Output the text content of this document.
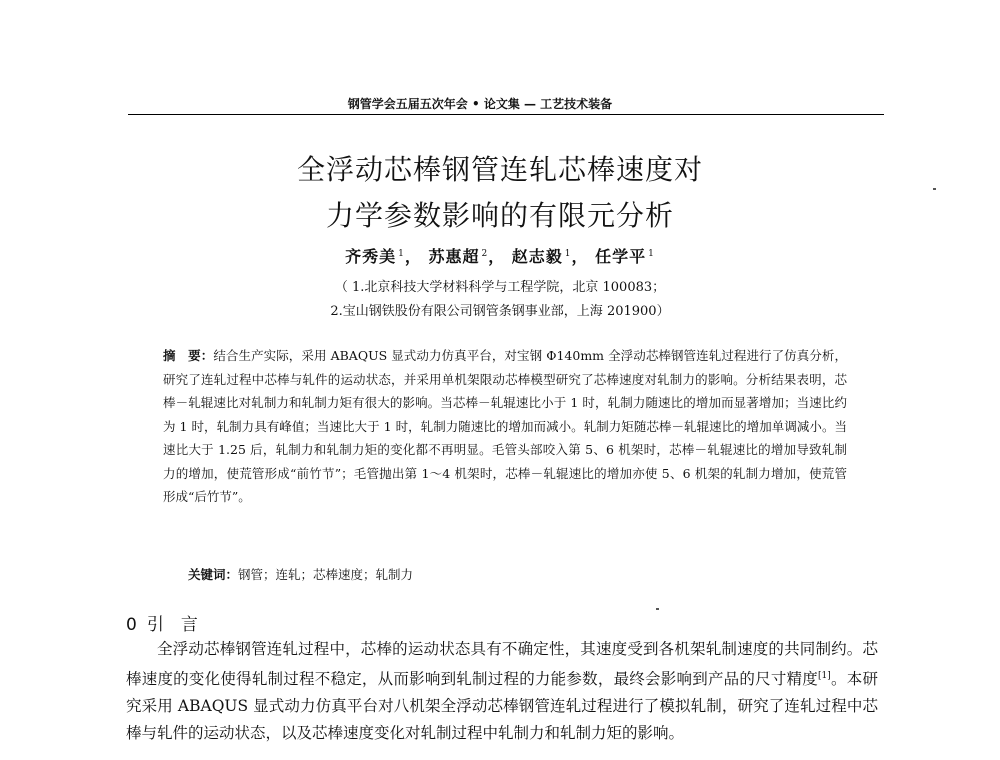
钢管学会五届五次年会 • 论文集 — 工艺技术装备
全浮动芯棒钢管连轧芯棒速度对
力学参数影响的有限元分析
齐秀美 $^1$， 苏惠超 $^2$， 赵志毅 $^1$， 任学平 $^1$
（ 1.北京科技大学材料科学与工程学院，北京 100083；
2.宝山钢铁股份有限公司钢管条钢事业部，上海 201900）
摘　要：结合生产实际，采用 ABAQUS 显式动力仿真平台，对宝钢 Φ140mm 全浮动芯棒钢管连轧过程进行了仿真分析，研究了连轧过程中芯棒与轧件的运动状态，并采用单机架限动芯棒模型研究了芯棒速度对轧制力的影响。分析结果表明，芯棒－轧辊速比对轧制力和轧制力矩有很大的影响。当芯棒－轧辊速比小于 1 时，轧制力随速比的增加而显著增加；当速比约为 1 时，轧制力具有峰值；当速比大于 1 时，轧制力随速比的增加而减小。轧制力矩随芯棒－轧辊速比的增加单调减小。当速比大于 1.25 后，轧制力和轧制力矩的变化都不再明显。毛管头部咬入第 5、6 机架时，芯棒－轧辊速比的增加导致轧制力的增加，使荒管形成“前竹节”；毛管抛出第 1～4 机架时，芯棒－轧辊速比的增加亦使 5、6 机架的轧制力增加，使荒管形成“后竹节”。
关键词：钢管；连轧；芯棒速度；轧制力
0 引　言
全浮动芯棒钢管连轧过程中，芯棒的运动状态具有不确定性，其速度受到各机架轧制速度的共同制约。芯棒速度的变化使得轧制过程不稳定，从而影响到轧制过程的力能参数，最终会影响到产品的尺寸精度[1]。本研究采用 ABAQUS 显式动力仿真平台对八机架全浮动芯棒钢管连轧过程进行了模拟轧制，研究了连轧过程中芯棒与轧件的运动状态，以及芯棒速度变化对轧制过程中轧制力和轧制力矩的影响。
